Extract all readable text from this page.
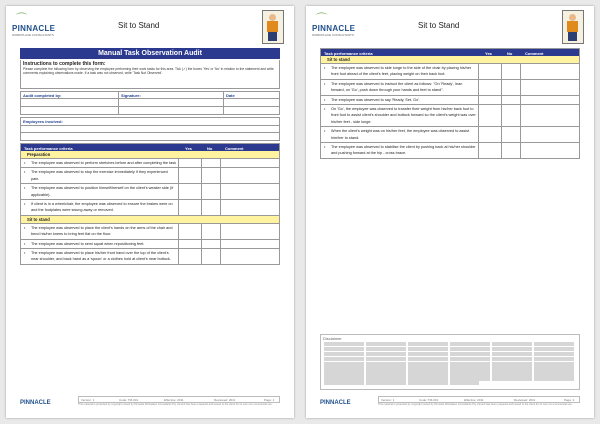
⌒
PINNACLE
WORKPLACE CONSULTANTS
Sit to Stand
Manual Task Observation Audit
Instructions to complete this form:
Please complete the following form by observing the employee performing their work tasks for this area. Tick (✓) the boxes 'Yes' or 'No' in relation to the statement and write comments explaining observations made. If a task was not observed, write 'Task Not Observed'.
Audit completed by:	Signature:	Date
Employees involved:
Task performance criteria	Yes	No	Comment
Preparation
• The employee was observed to perform stretches before and after completing the task
• The employee was observed to stop the exercise immediately if they experienced pain.
• The employee was observed to position himself/herself on the client's weaker side (if applicable).
• If client is in a wheelchair, the employee was observed to ensure the brakes were on and the footplates were swung away or removed.
Sit to stand
• The employee was observed to place the client's hands on the arms of the chair and bend his/her knees to bring feet flat on the floor.
• The employee was observed to semi squat when repositioning feet.
• The employee was observed to place his/her front hand over the top of the client's near shoulder, and back hand as a 'spoon' or a clothes hold at client's near buttock.
PINNACLE
Version: 1	Code: TM-001	Effective: 2011	Reviewed: 2011	Page: 1
This material is protected by copyright owned by Pinnacle Workplace Consultants Pty Ltd and has been prepared and issued to the client for its own non-commercial use.
⌒
PINNACLE
WORKPLACE CONSULTANTS
Sit to Stand
Task performance criteria	Yes	No	Comment
Sit to stand
• The employee was observed to side lunge to the side of the chair by placing his/her front foot ahead of the client's feet, placing weight on their back foot.
• The employee was observed to instruct the client as follows: "On 'Ready', lean forward, on 'Go', push down through your hands and feet to stand".
• The employee was observed to say 'Ready, Set, Go'.
• On 'Go', the employee was observed to transfer their weight from his/her back foot to front foot to assist client's shoulder and buttock forward so the client's weight was over his/her feet - side lunge.
• When the client's weight was on his/her feet, the employee was observed to assist him/her to stand.
• The employee was observed to stabilise the client by pushing back at his/her shoulder and pushing forward at the hip - cross brace.
Disclaimer
PINNACLE
Version: 1	Code: TM-001	Effective: 2011	Reviewed: 2011	Page: 2
This material is protected by copyright owned by Pinnacle Workplace Consultants Pty Ltd and has been prepared and issued to the client for its own non-commercial use.
